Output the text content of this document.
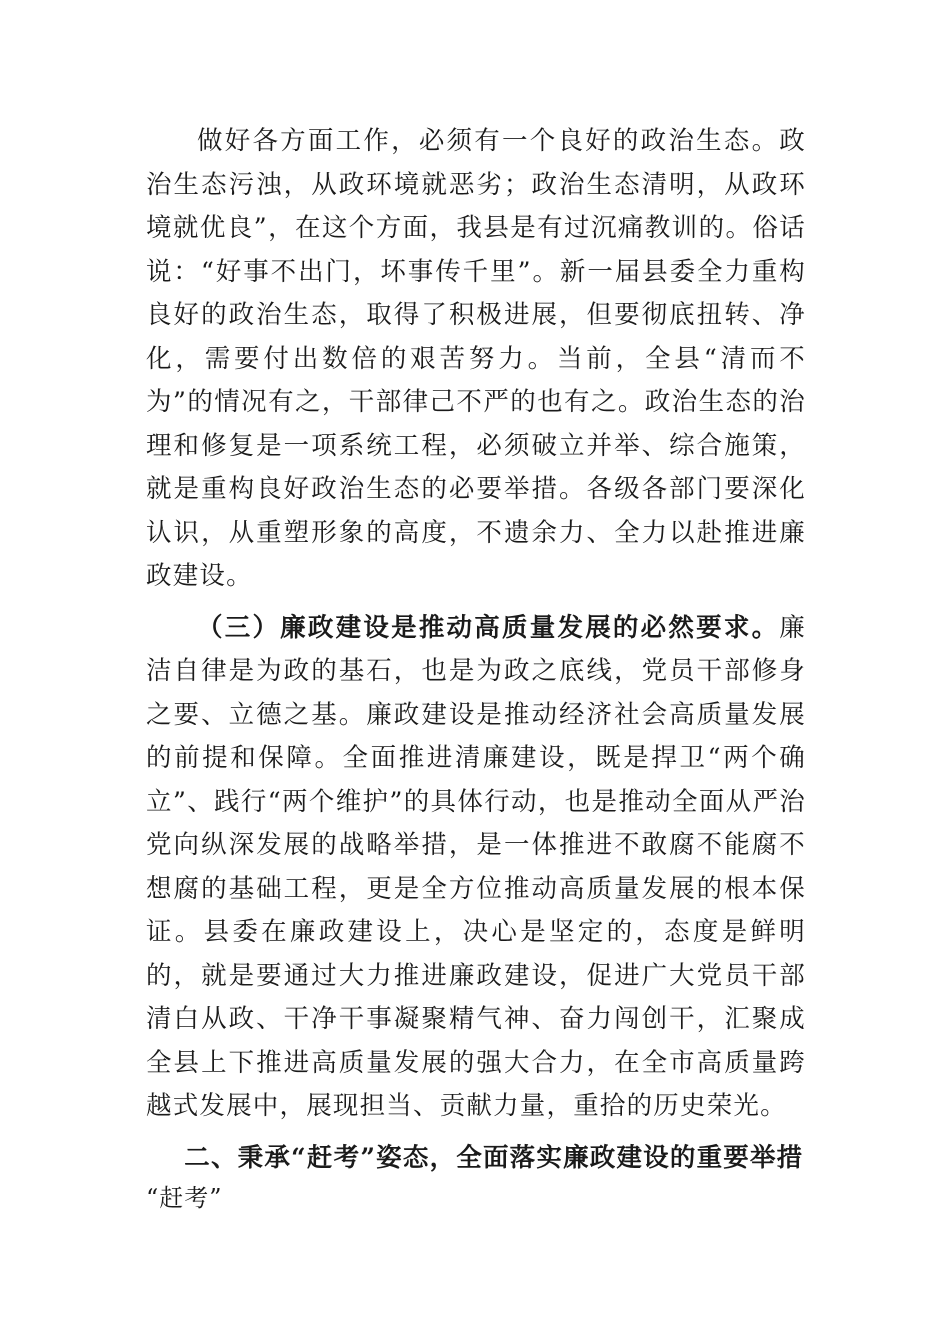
做好各方面工作，必须有一个良好的政治生态。政治生态污浊，从政环境就恶劣；政治生态清明，从政环境就优良”，在这个方面，我县是有过沉痛教训的。俗话说：“好事不出门，坏事传千里”。新一届县委全力重构良好的政治生态，取得了积极进展，但要彻底扭转、净化，需要付出数倍的艰苦努力。当前，全县“清而不为”的情况有之，干部律己不严的也有之。政治生态的治理和修复是一项系统工程，必须破立并举、综合施策，就是重构良好政治生态的必要举措。各级各部门要深化认识，从重塑形象的高度，不遗余力、全力以赴推进廉政建设。

（三）廉政建设是推动高质量发展的必然要求。廉洁自律是为政的基石，也是为政之底线，党员干部修身之要、立德之基。廉政建设是推动经济社会高质量发展的前提和保障。全面推进清廉建设，既是捍卫“两个确立”、践行“两个维护”的具体行动，也是推动全面从严治党向纵深发展的战略举措，是一体推进不敢腐不能腐不想腐的基础工程，更是全方位推动高质量发展的根本保证。县委在廉政建设上，决心是坚定的，态度是鲜明的，就是要通过大力推进廉政建设，促进广大党员干部清白从政、干净干事凝聚精气神、奋力闯创干，汇聚成全县上下推进高质量发展的强大合力，在全市高质量跨越式发展中，展现担当、贡献力量，重拾的历史荣光。

二、秉承“赶考”姿态，全面落实廉政建设的重要举措
“赶考”
